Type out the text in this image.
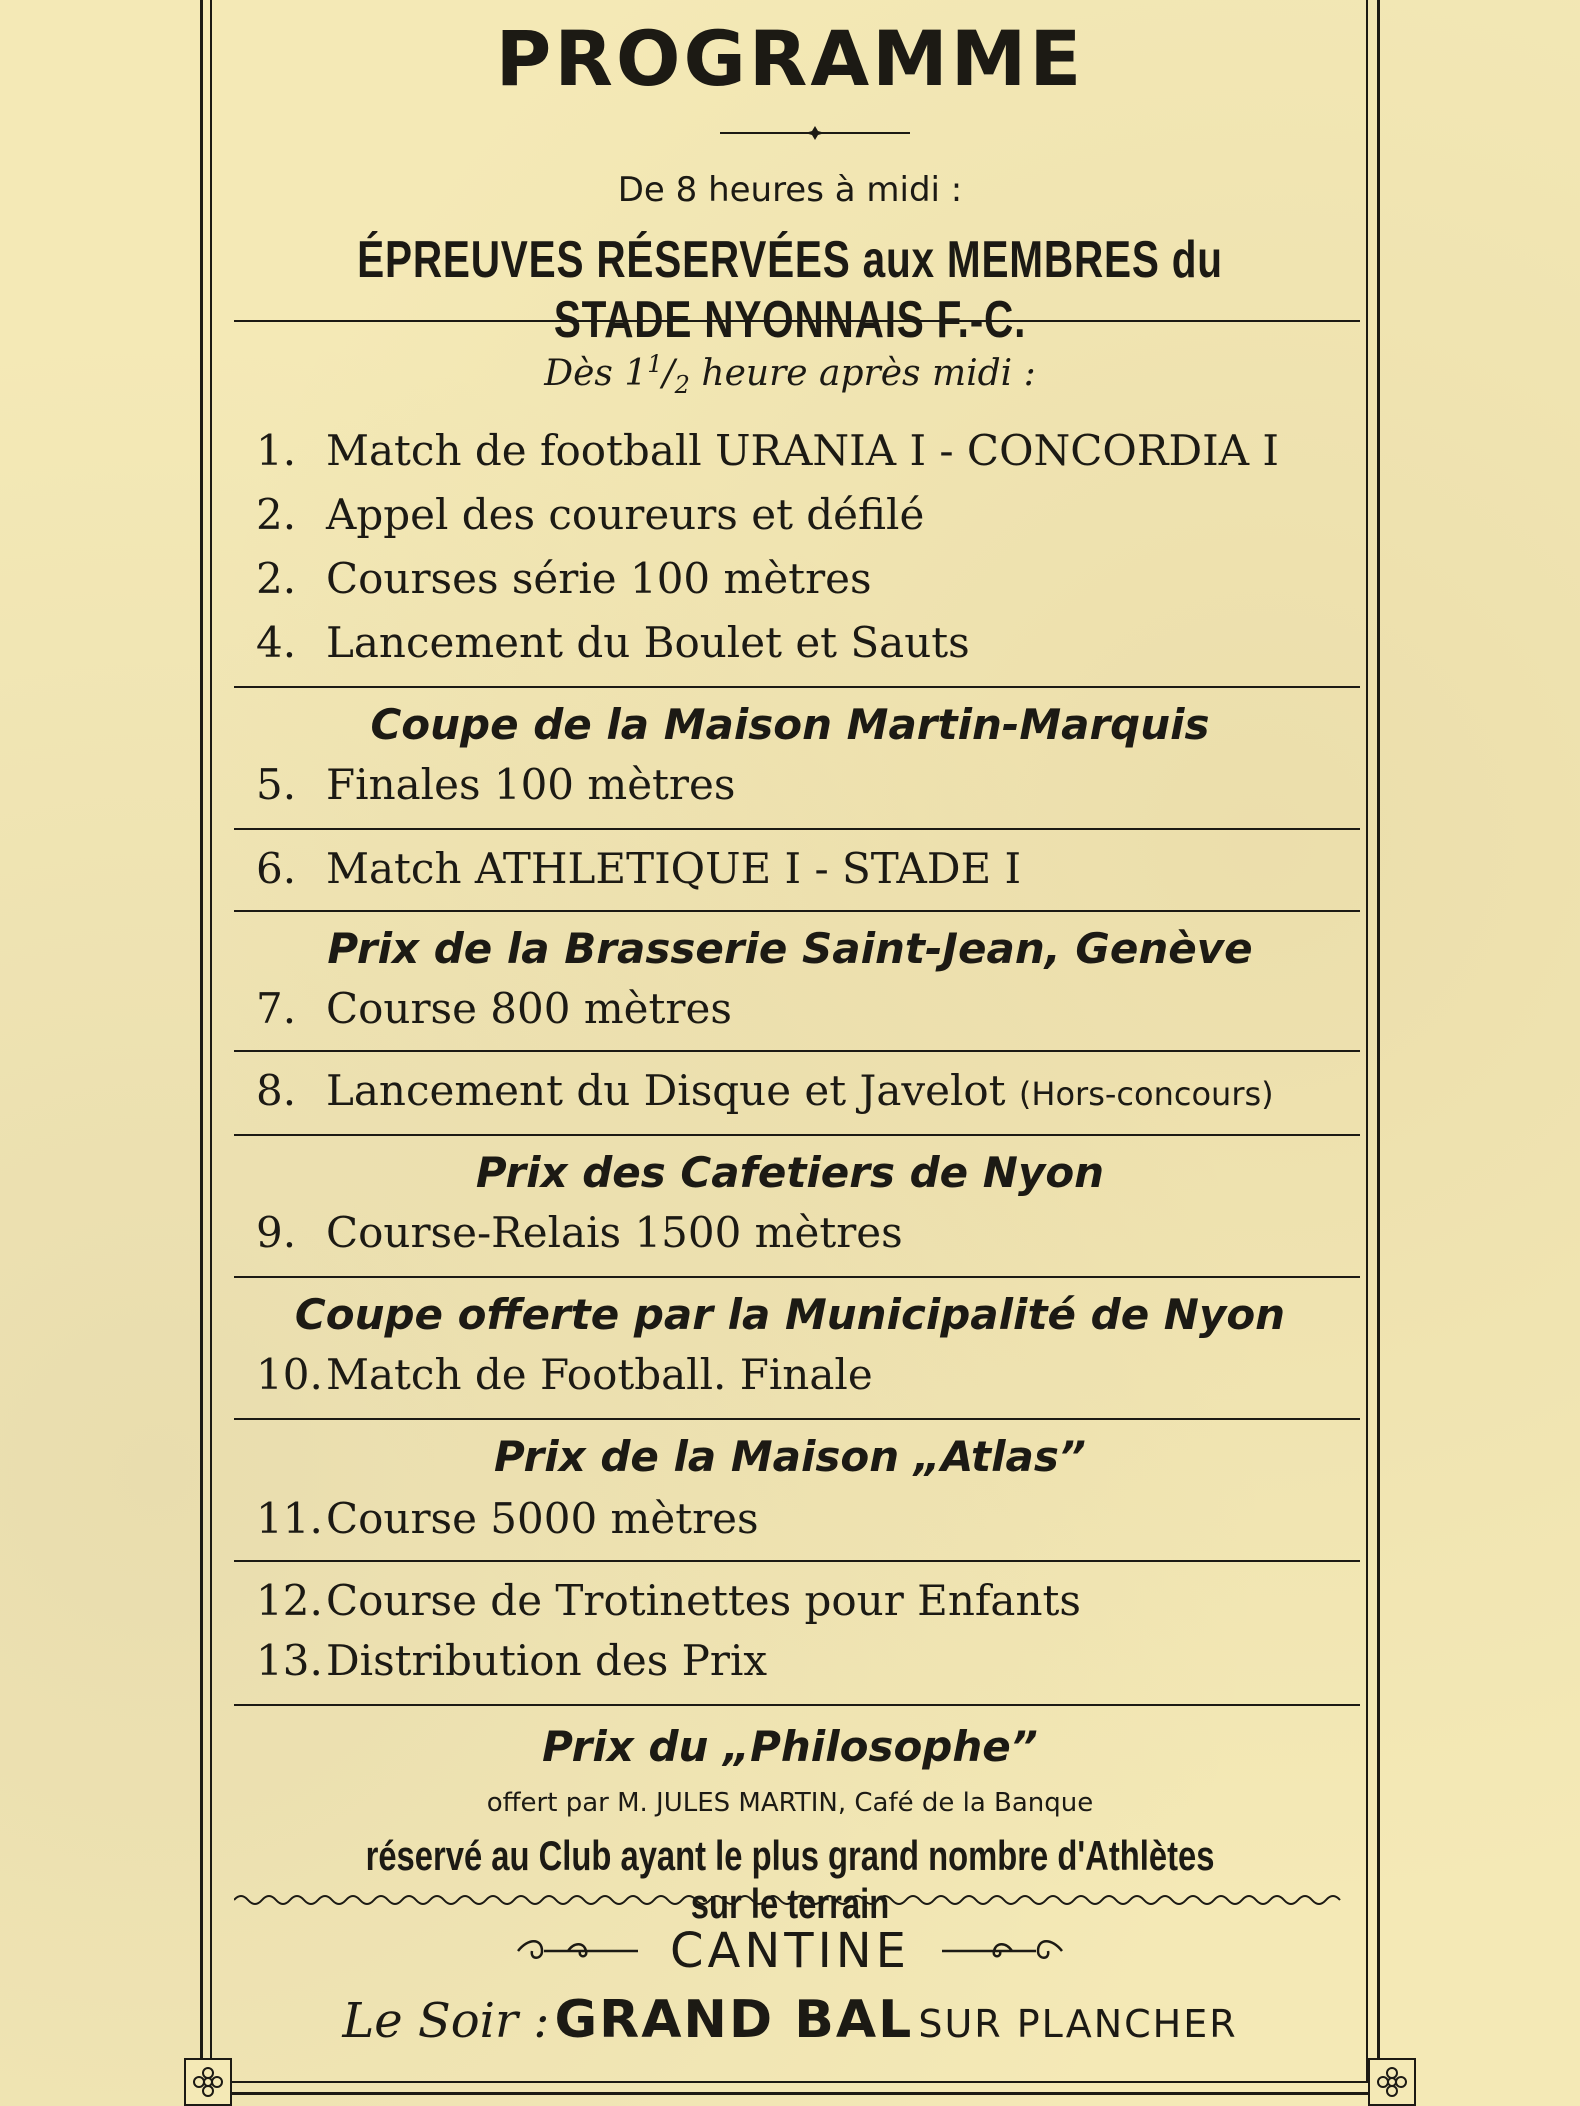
PROGRAMME
De 8 heures à midi :
ÉPREUVES RÉSERVÉES aux MEMBRES du STADE NYONNAIS F.-C.
Dès $1^1/_2$ heure après midi :
1. Match de football URANIA I - CONCORDIA I
2. Appel des coureurs et défilé
2. Courses série 100 mètres
4. Lancement du Boulet et Sauts
Coupe de la Maison Martin-Marquis
5. Finales 100 mètres
6. Match ATHLETIQUE I - STADE I
Prix de la Brasserie Saint-Jean, Genève
7. Course 800 mètres
8. Lancement du Disque et Javelot (Hors-concours)
Prix des Cafetiers de Nyon
9. Course-Relais 1500 mètres
Coupe offerte par la Municipalité de Nyon
10.Match de Football. Finale
Prix de la Maison „Atlas”
11.Course 5000 mètres
12.Course de Trotinettes pour Enfants
13.Distribution des Prix
Prix du „Philosophe”
offert par M. JULES MARTIN, Café de la Banque
réservé au Club ayant le plus grand nombre d'Athlètes sur le terrain
CANTINE
Le Soir : GRAND BAL SUR PLANCHER
